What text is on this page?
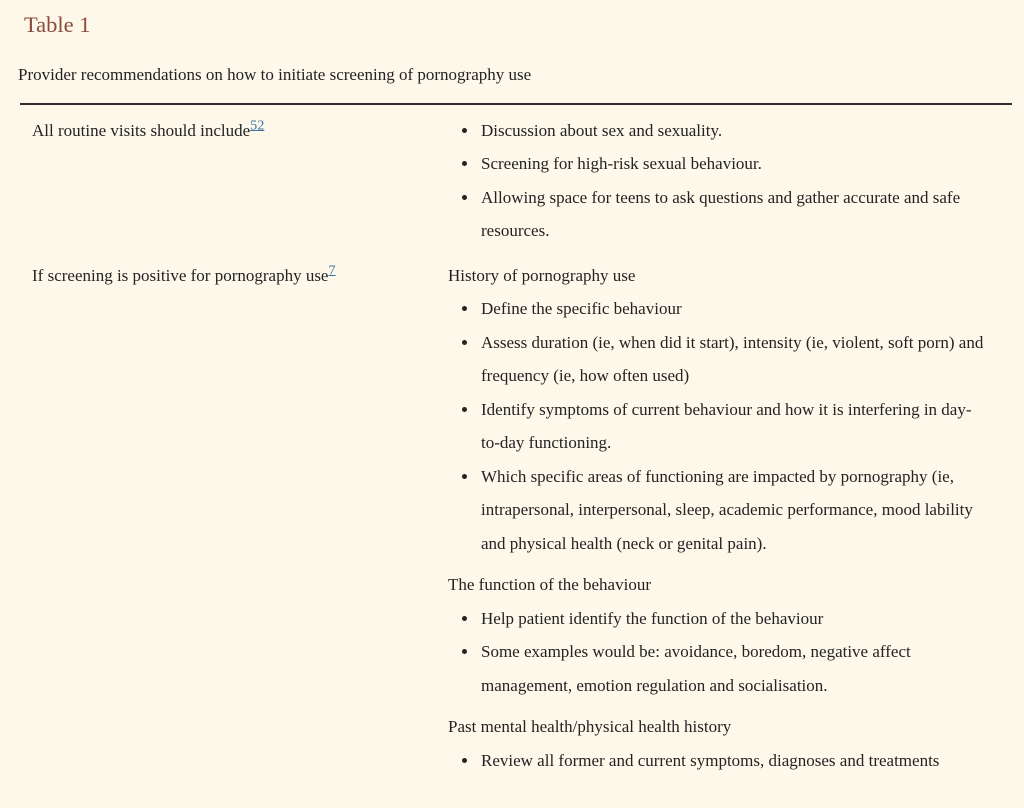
Table 1

Provider recommendations on how to initiate screening of pornography use

All routine visits should include$^{52}$	
•Discussion about sex and sexuality.
• Screening for high-risk sexual behaviour.
• Allowing space for teens to ask questions and gather accurate and safe resources.

If screening is positive for pornography use$^7$	History of pornography use

• Define the specific behaviour
• Assess duration (ie, when did it start), intensity (ie, violent, soft porn) and frequency (ie, how often used)
• Identify symptoms of current behaviour and how it is interfering in day-to-day functioning.
• Which specific areas of functioning are impacted by pornography (ie, intrapersonal, interpersonal, sleep, academic performance, mood lability and physical health (neck or genital pain).

The function of the behaviour

• Help patient identify the function of the behaviour
• Some examples would be: avoidance, boredom, negative affect management, emotion regulation and socialisation.

Past mental health/physical health history

• Review all former and current symptoms, diagnoses and treatments
